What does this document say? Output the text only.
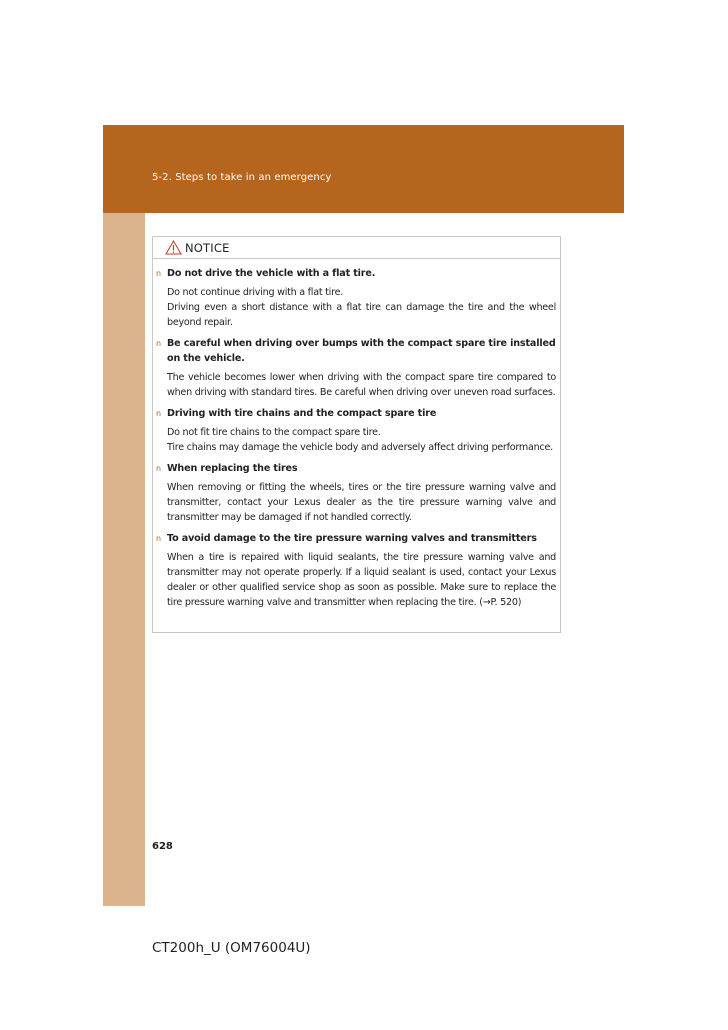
5-2. Steps to take in an emergency
NOTICE
n Do not drive the vehicle with a flat tire.
Do not continue driving with a flat tire.
Driving even a short distance with a flat tire can damage the tire and the wheel beyond repair.
n Be careful when driving over bumps with the compact spare tire installed on the vehicle.
The vehicle becomes lower when driving with the compact spare tire compared to when driving with standard tires. Be careful when driving over uneven road surfaces.
n Driving with tire chains and the compact spare tire
Do not fit tire chains to the compact spare tire.
Tire chains may damage the vehicle body and adversely affect driving performance.
n When replacing the tires
When removing or fitting the wheels, tires or the tire pressure warning valve and transmitter, contact your Lexus dealer as the tire pressure warning valve and transmitter may be damaged if not handled correctly.
n To avoid damage to the tire pressure warning valves and transmitters
When a tire is repaired with liquid sealants, the tire pressure warning valve and transmitter may not operate properly. If a liquid sealant is used, contact your Lexus dealer or other qualified service shop as soon as possible. Make sure to replace the tire pressure warning valve and transmitter when replacing the tire. (→P. 520)
628
CT200h_U (OM76004U)
